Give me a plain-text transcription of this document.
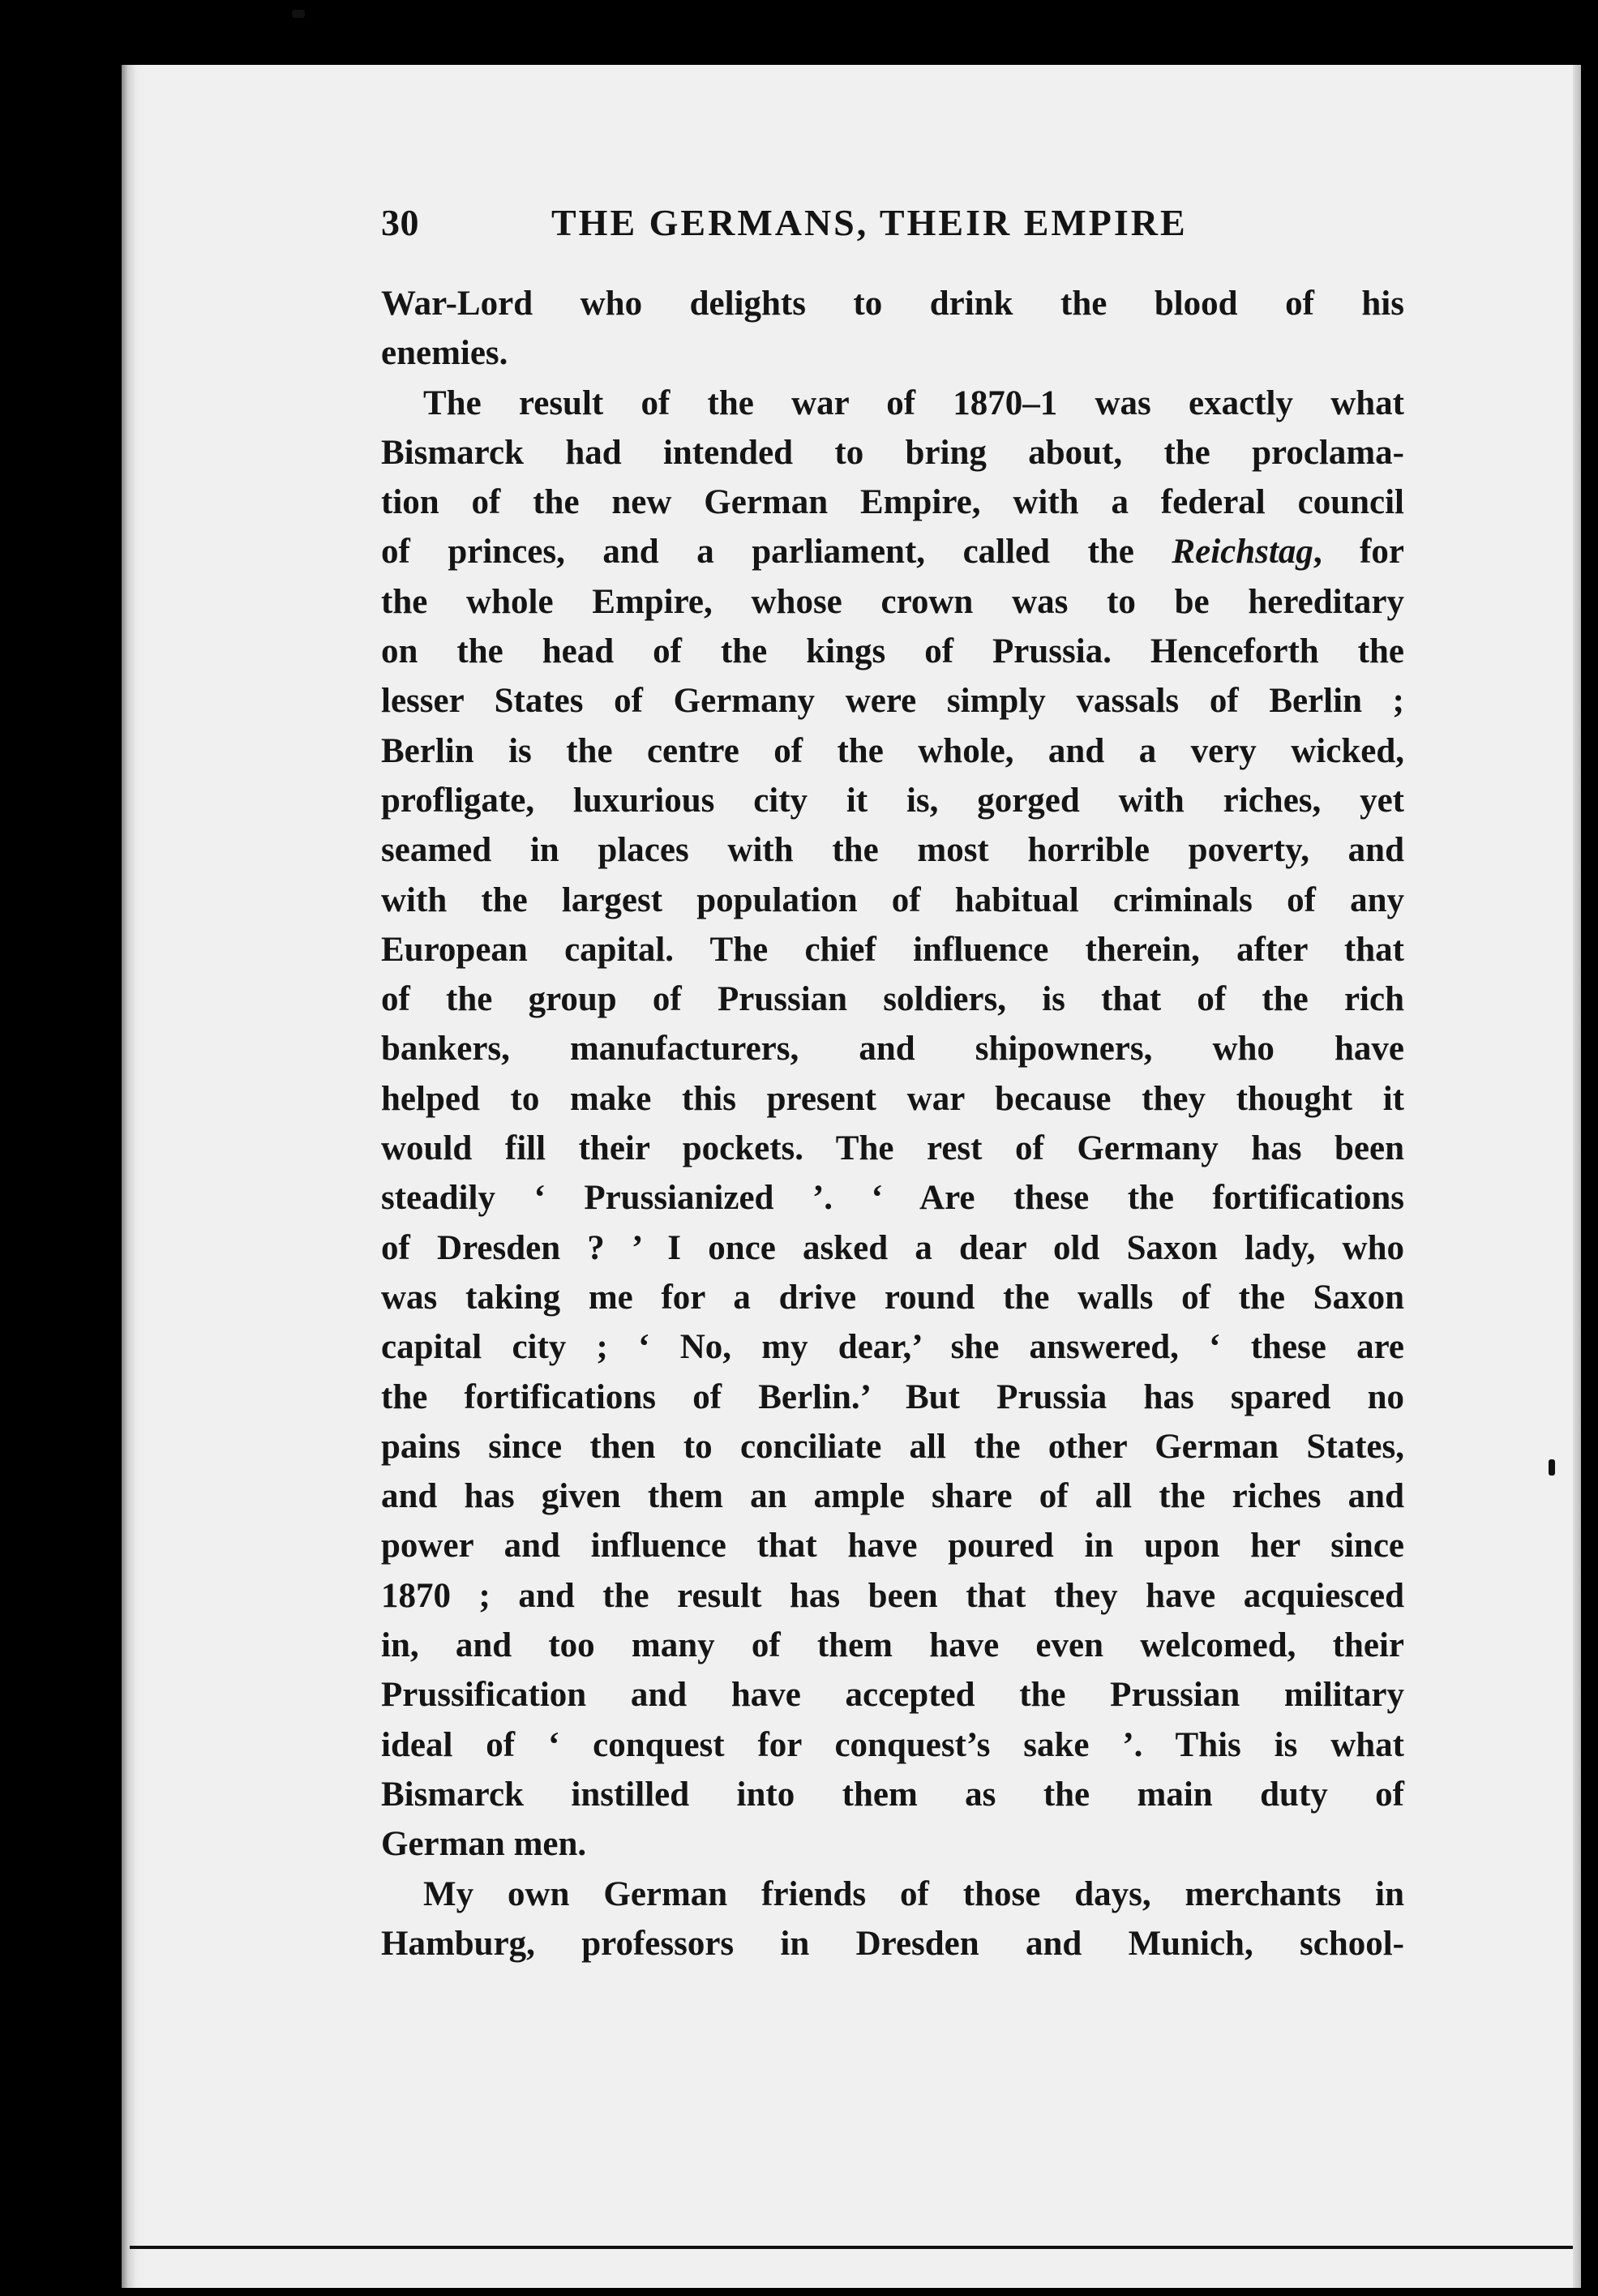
30	THE GERMANS, THEIR EMPIRE
War-Lord who delights to drink the blood of his
enemies.
The result of the war of 1870–1 was exactly what
Bismarck had intended to bring about, the proclama-
tion of the new German Empire, with a federal council
of princes, and a parliament, called the Reichstag, for
the whole Empire, whose crown was to be hereditary
on the head of the kings of Prussia. Henceforth the
lesser States of Germany were simply vassals of Berlin ;
Berlin is the centre of the whole, and a very wicked,
profligate, luxurious city it is, gorged with riches, yet
seamed in places with the most horrible poverty, and
with the largest population of habitual criminals of any
European capital. The chief influence therein, after that
of the group of Prussian soldiers, is that of the rich
bankers, manufacturers, and shipowners, who have
helped to make this present war because they thought it
would fill their pockets. The rest of Germany has been
steadily ‘ Prussianized ’. ‘ Are these the fortifications
of Dresden ? ’ I once asked a dear old Saxon lady, who
was taking me for a drive round the walls of the Saxon
capital city ; ‘ No, my dear,’ she answered, ‘ these are
the fortifications of Berlin.’ But Prussia has spared no
pains since then to conciliate all the other German States,
and has given them an ample share of all the riches and
power and influence that have poured in upon her since
1870 ; and the result has been that they have acquiesced
in, and too many of them have even welcomed, their
Prussification and have accepted the Prussian military
ideal of ‘ conquest for conquest’s sake ’. This is what
Bismarck instilled into them as the main duty of
German men.
My own German friends of those days, merchants in
Hamburg, professors in Dresden and Munich, school-
